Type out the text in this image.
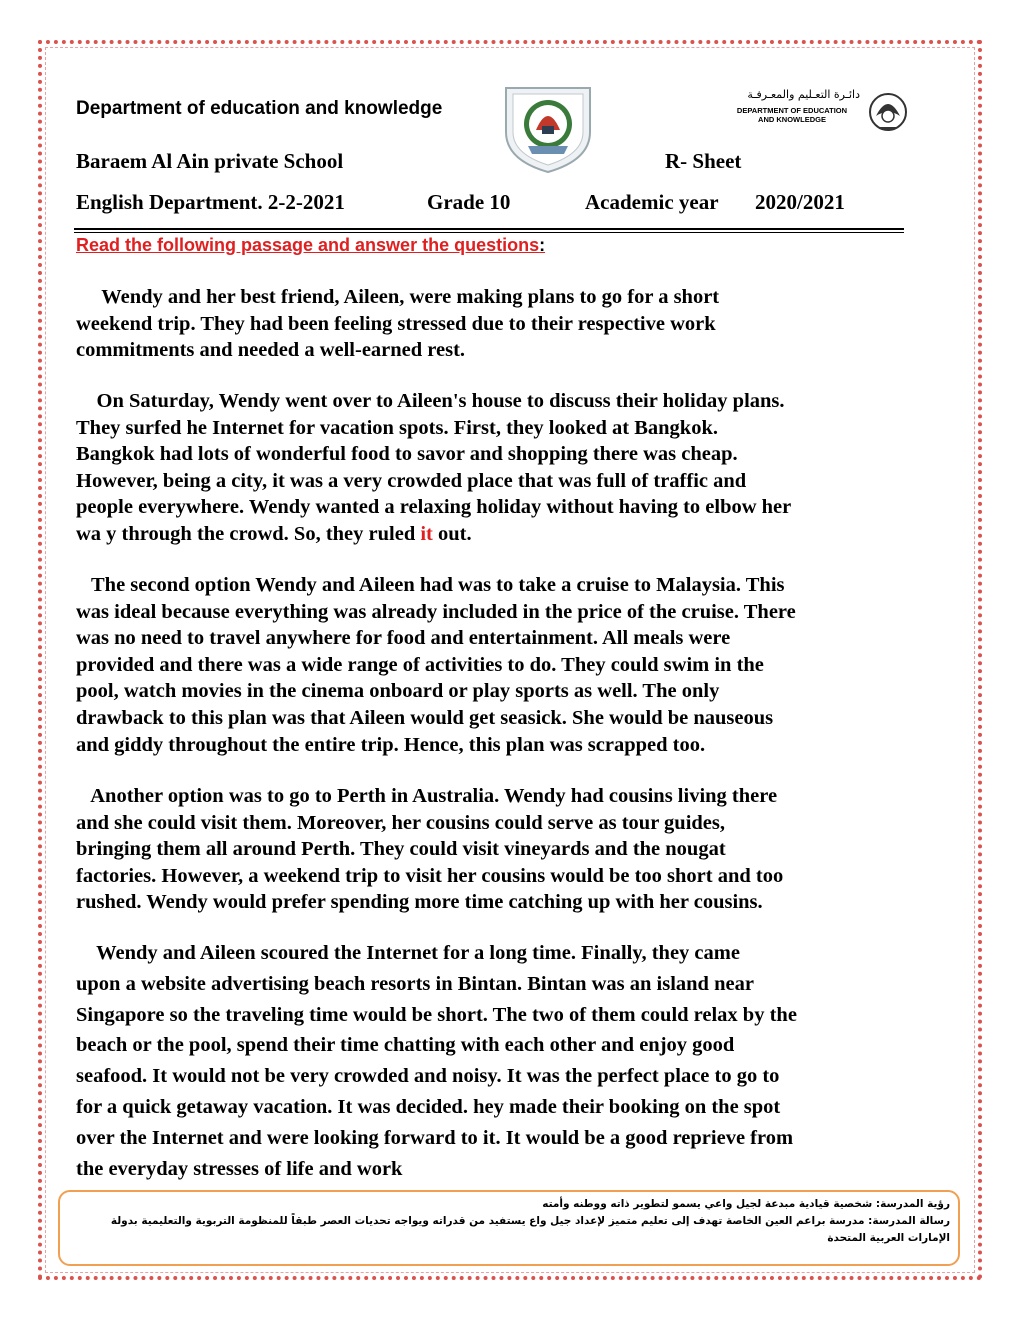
Department of education and knowledge
دائـرة التعـليم والمعـرفـة
DEPARTMENT OF EDUCATION
AND KNOWLEDGE
Baraem Al Ain private School	R- Sheet
English Department. 2-2-2021	Grade 10	Academic year 2020/2021
Read the following passage and answer the questions:
Wendy and her best friend, Aileen, were making plans to go for a short
weekend trip. They had been feeling stressed due to their respective work
commitments and needed a well-earned rest.
On Saturday, Wendy went over to Aileen's house to discuss their holiday plans.
They surfed he Internet for vacation spots. First, they looked at Bangkok.
Bangkok had lots of wonderful food to savor and shopping there was cheap.
However, being a city, it was a very crowded place that was full of traffic and
people everywhere. Wendy wanted a relaxing holiday without having to elbow her
wa y through the crowd. So, they ruled it out.
The second option Wendy and Aileen had was to take a cruise to Malaysia. This
was ideal because everything was already included in the price of the cruise. There
was no need to travel anywhere for food and entertainment. All meals were
provided and there was a wide range of activities to do. They could swim in the
pool, watch movies in the cinema onboard or play sports as well. The only
drawback to this plan was that Aileen would get seasick. She would be nauseous
and giddy throughout the entire trip. Hence, this plan was scrapped too.
Another option was to go to Perth in Australia. Wendy had cousins living there
and she could visit them. Moreover, her cousins could serve as tour guides,
bringing them all around Perth. They could visit vineyards and the nougat
factories. However, a weekend trip to visit her cousins would be too short and too
rushed. Wendy would prefer spending more time catching up with her cousins.
Wendy and Aileen scoured the Internet for a long time. Finally, they came
upon a website advertising beach resorts in Bintan. Bintan was an island near
Singapore so the traveling time would be short. The two of them could relax by the
beach or the pool, spend their time chatting with each other and enjoy good
seafood. It would not be very crowded and noisy. It was the perfect place to go to
for a quick getaway vacation. It was decided. hey made their booking on the spot
over the Internet and were looking forward to it. It would be a good reprieve from
the everyday stresses of life and work
رؤية المدرسة: شخصية قيادية مبدعة لجيل واعي يسمو لتطوير ذاته ووطنه وأمته
رسالة المدرسة: مدرسة براعم العين الخاصة تهدف إلى تعليم متميز لإعداد جيل واع يستفيد من قدراته ويواجه تحديات العصر طبقاً للمنظومة التربوية والتعليمية بدولة
الإمارات العربية المتحدة
